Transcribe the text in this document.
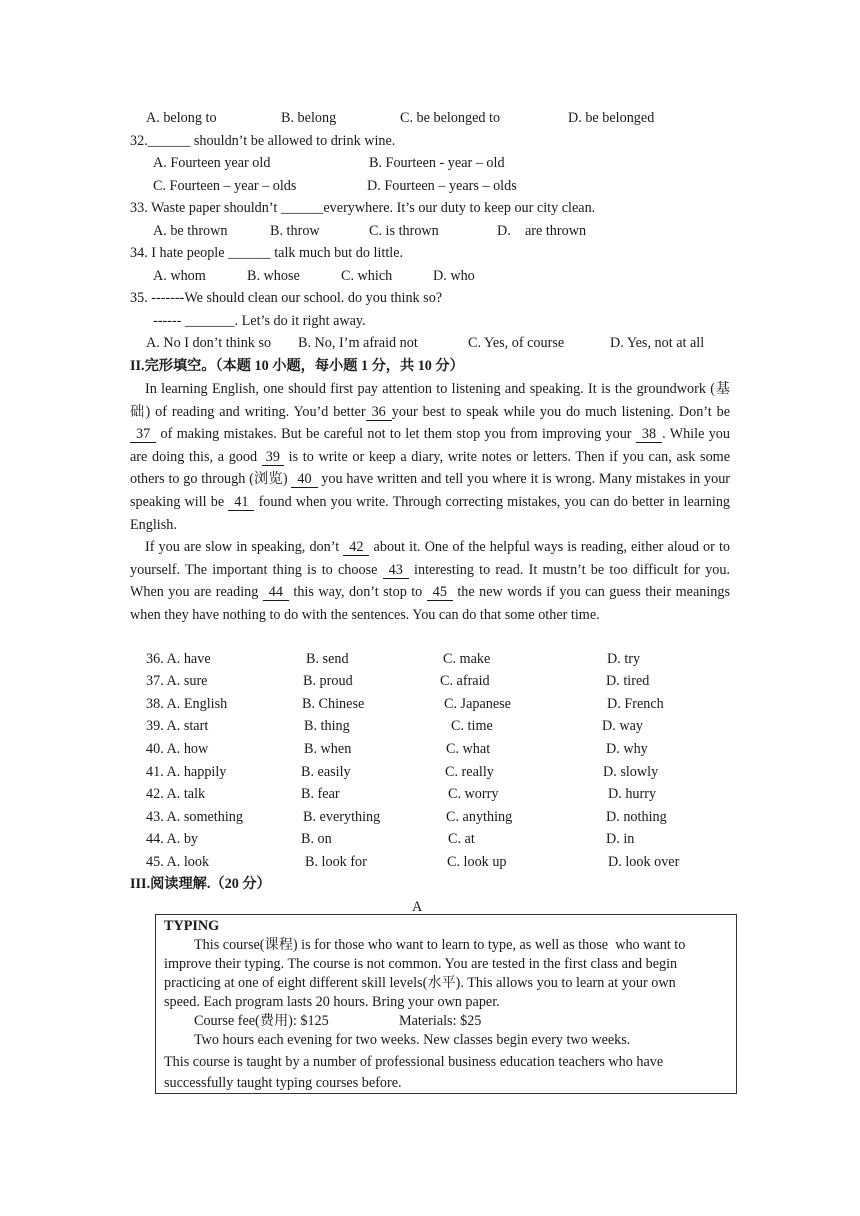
A. belong to	B. belong	C. be belonged to	D. be belonged
32.______ shouldn’t be allowed to drink wine.
A. Fourteen year old	B. Fourteen - year – old
C. Fourteen – year – olds	D. Fourteen – years – olds
33. Waste paper shouldn’t ______everywhere. It’s our duty to keep our city clean.
A. be thrown	B. throw	C. is thrown	D.    are thrown
34. I hate people ______ talk much but do little.
A. whom	B. whose	C. which	D. who
35. -------We should clean our school. do you think so?
------ _______. Let’s do it right away.
A. No I don’t think so B. No, I’m afraid not	C. Yes, of course	D. Yes, not at all
II.完形填空。（本题 10 小题，每小题 1 分，共 10 分）

In learning English, one should first pay attention to listening and speaking. It is the groundwork (基础) of reading and writing. You’d better 36 your best to speak while you do much listening. Don’t be 37 of making mistakes. But be careful not to let them stop you from improving your 38 . While you are doing this, a good 39 is to write or keep a diary, write notes or letters. Then if you can, ask some others to go through (浏览) 40 you have written and tell you where it is wrong. Many mistakes in your speaking will be 41 found when you write. Through correcting mistakes, you can do better in learning English.

If you are slow in speaking, don’t 42 about it. One of the helpful ways is reading, either aloud or to yourself. The important thing is to choose 43 interesting to read. It mustn’t be too difficult for you. When you are reading 44 this way, don’t stop to 45 the new words if you can guess their meanings when they have nothing to do with the sentences. You can do that some other time.

36. A. have	B. send	C. make	D. try
37. A. sure	B. proud	C. afraid	D. tired
38. A. English	B. Chinese	C. Japanese	D. French
39. A. start	B. thing	C. time	D. way
40. A. how	B. when	C. what	D. why
41. A. happily	B. easily	C. really	D. slowly
42. A. talk	B. fear	C. worry	D. hurry
43. A. something	B. everything	C. anything	D. nothing
44. A. by	B. on	C. at	D. in
45. A. look	B. look for	C. look up	D. look over
III.阅读理解.（20 分）
A
TYPING
This course(课程) is for those who want to learn to type, as well as those  who want to
improve their typing. The course is not common. You are tested in the first class and begin
practicing at one of eight different skill levels(水平). This allows you to learn at your own
speed. Each program lasts 20 hours. Bring your own paper.
Course fee(费用): $125	Materials: $25
Two hours each evening for two weeks. New classes begin every two weeks.
This course is taught by a number of professional business education teachers who have
successfully taught typing courses before.
